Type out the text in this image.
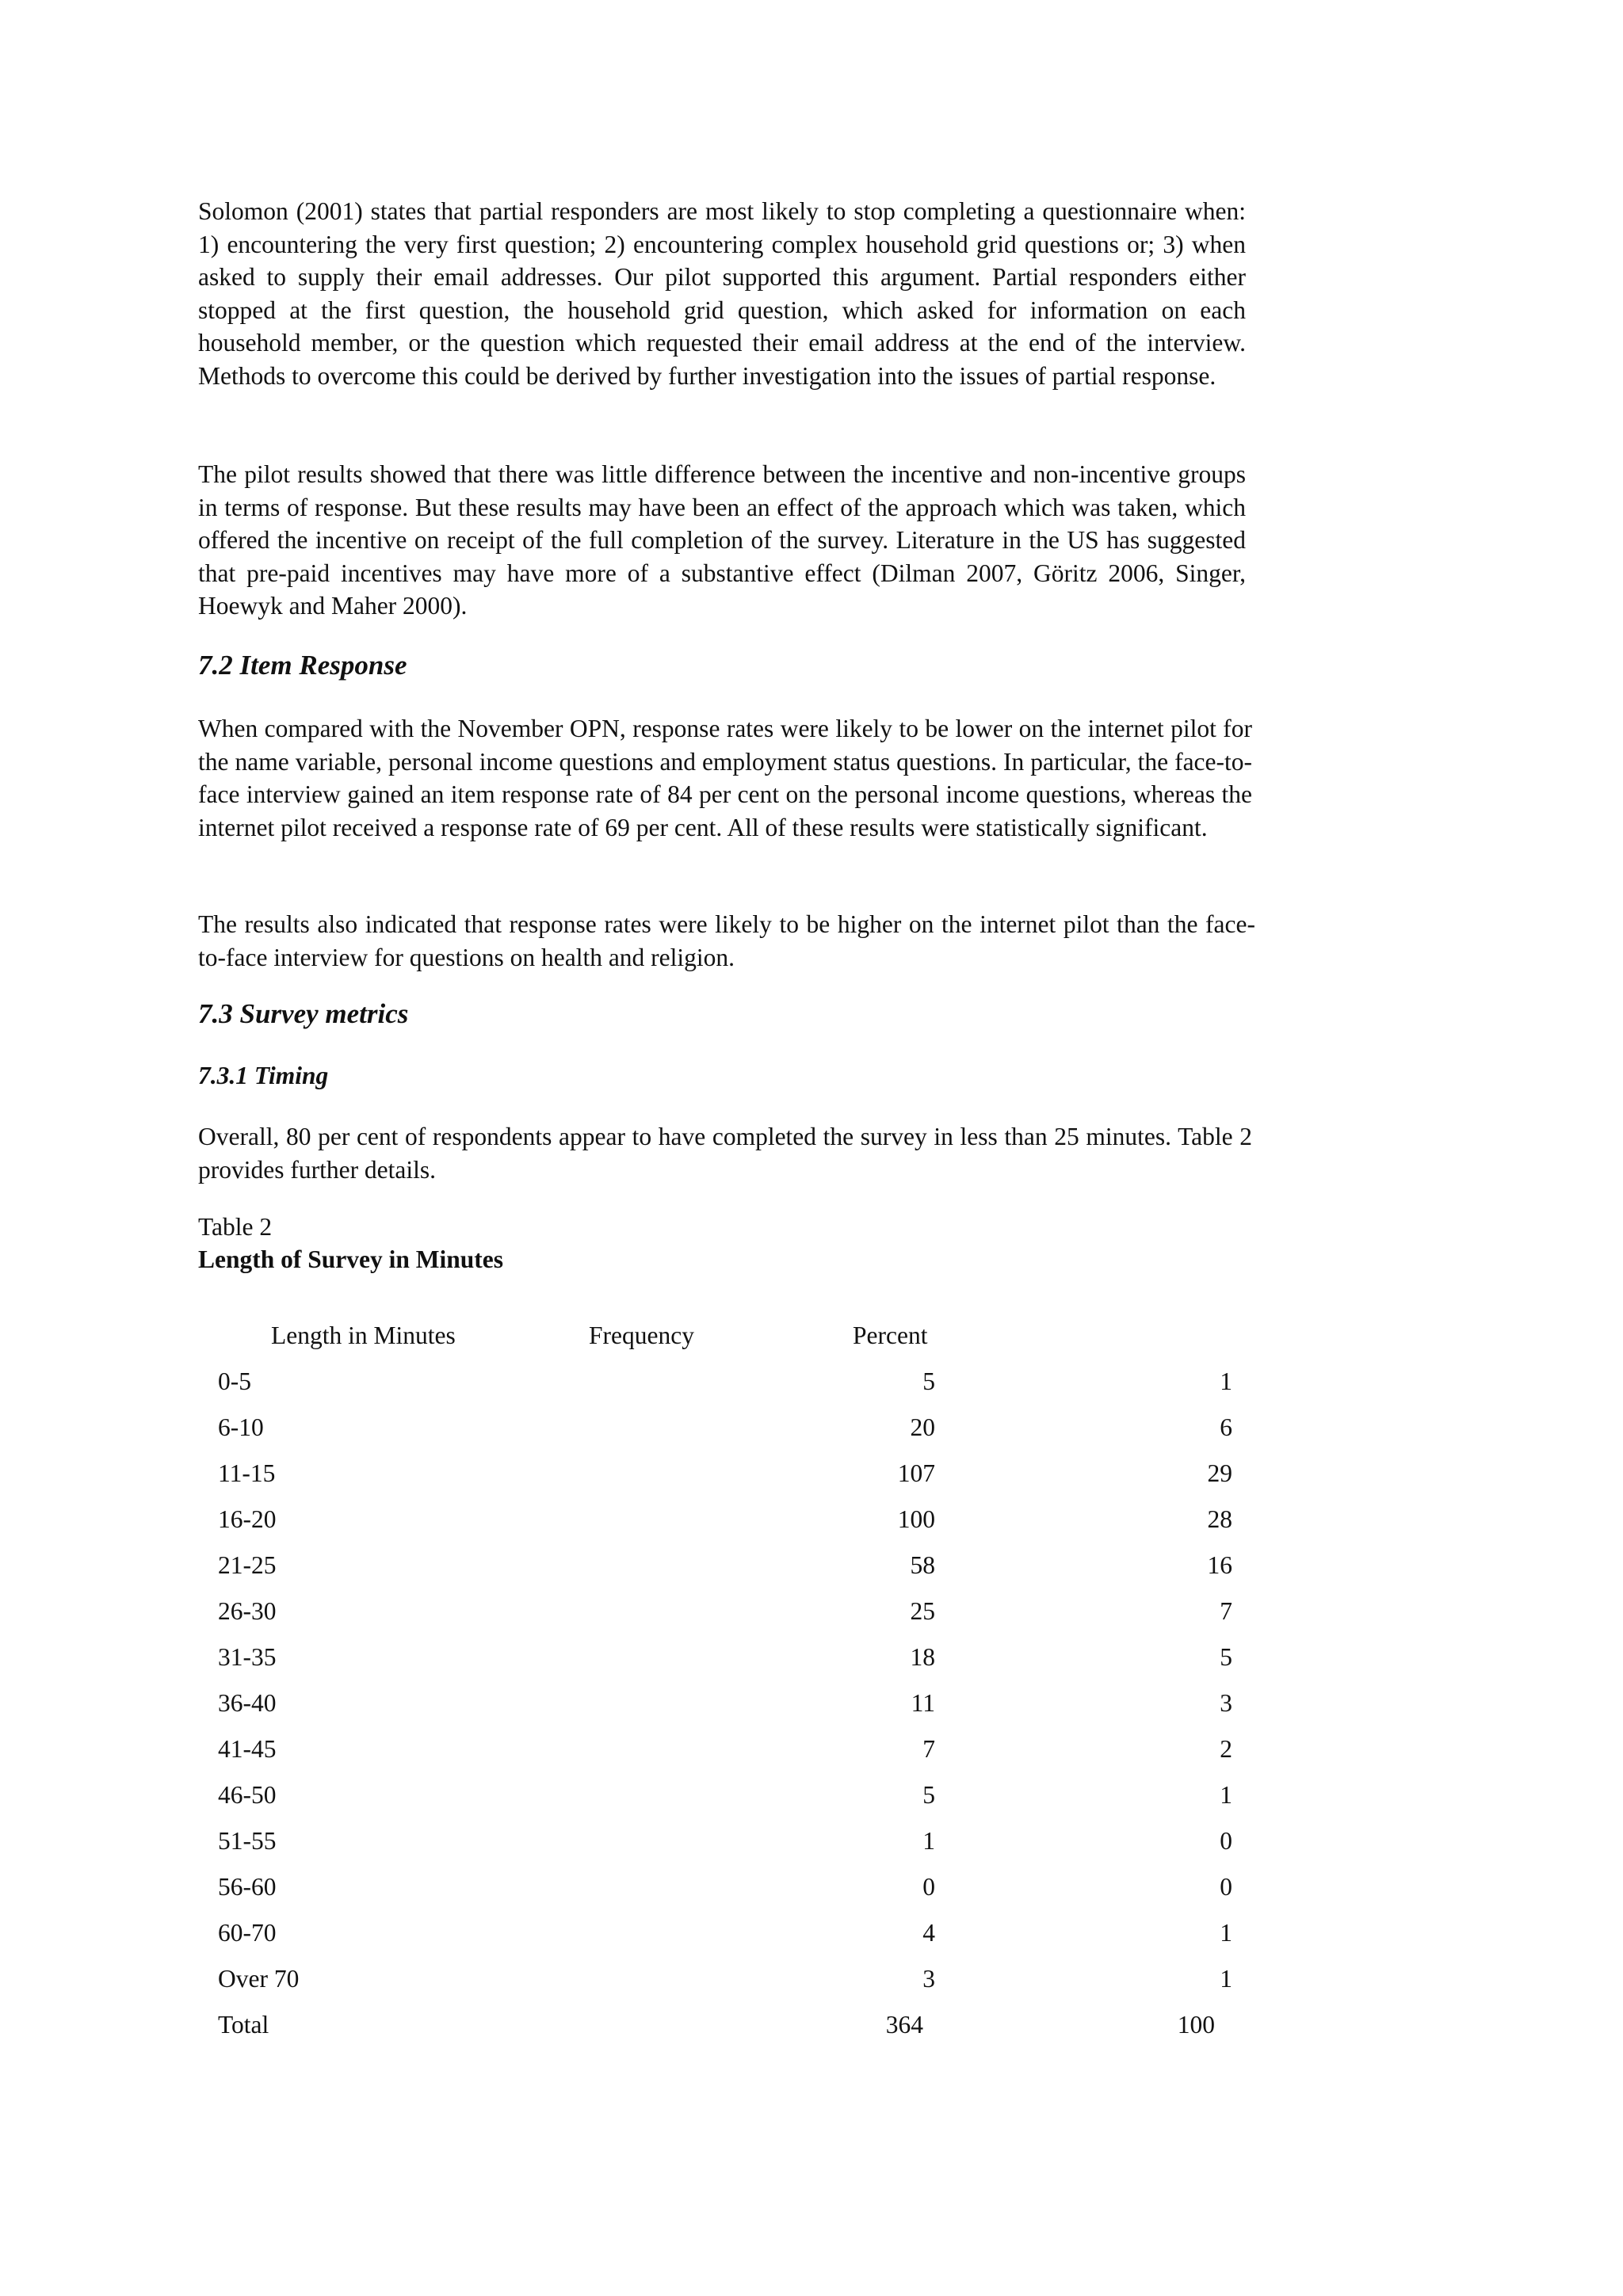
Solomon (2001) states that partial responders are most likely to stop completing a questionnaire when: 1) encountering the very first question; 2) encountering complex household grid questions or; 3) when asked to supply their email addresses. Our pilot supported this argument. Partial responders either stopped at the first question, the household grid question, which asked for information on each household member, or the question which requested their email address at the end of the interview. Methods to overcome this could be derived by further investigation into the issues of partial response.

The pilot results showed that there was little difference between the incentive and non-incentive groups in terms of response. But these results may have been an effect of the approach which was taken, which offered the incentive on receipt of the full completion of the survey. Literature in the US has suggested that pre-paid incentives may have more of a substantive effect (Dilman 2007, Göritz 2006, Singer, Hoewyk and Maher 2000).

7.2 Item Response

When compared with the November OPN, response rates were likely to be lower on the internet pilot for the name variable, personal income questions and employment status questions. In particular, the face-to-face interview gained an item response rate of 84 per cent on the personal income questions, whereas the internet pilot received a response rate of 69 per cent. All of these results were statistically significant.

The results also indicated that response rates were likely to be higher on the internet pilot than the face-to-face interview for questions on health and religion.

7.3 Survey metrics
7.3.1 Timing

Overall, 80 per cent of respondents appear to have completed the survey in less than 25 minutes. Table 2 provides further details.

Table 2

Length of Survey in Minutes

Length in Minutes	Frequency	Percent
0-5	5	1
6-10	20	6
11-15	107	29
16-20	100	28
21-25	58	16
26-30	25	7
31-35	18	5
36-40	11	3
41-45	7	2
46-50	5	1
51-55	1	0
56-60	0	0
60-70	4	1
Over 70	3	1
Total	364	100
